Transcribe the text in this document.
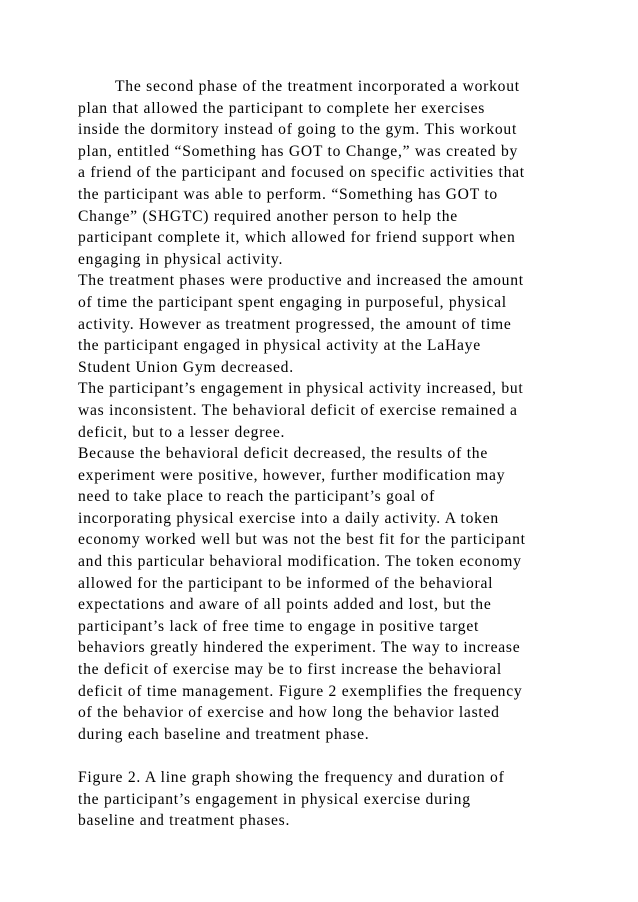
The second phase of the treatment incorporated a workout
plan that allowed the participant to complete her exercises
inside the dormitory instead of going to the gym. This workout
plan, entitled “Something has GOT to Change,” was created by
a friend of the participant and focused on specific activities that
the participant was able to perform. “Something has GOT to
Change” (SHGTC) required another person to help the
participant complete it, which allowed for friend support when
engaging in physical activity.
The treatment phases were productive and increased the amount
of time the participant spent engaging in purposeful, physical
activity. However as treatment progressed, the amount of time
the participant engaged in physical activity at the LaHaye
Student Union Gym decreased.
The participant’s engagement in physical activity increased, but
was inconsistent. The behavioral deficit of exercise remained a
deficit, but to a lesser degree.
Because the behavioral deficit decreased, the results of the
experiment were positive, however, further modification may
need to take place to reach the participant’s goal of
incorporating physical exercise into a daily activity. A token
economy worked well but was not the best fit for the participant
and this particular behavioral modification. The token economy
allowed for the participant to be informed of the behavioral
expectations and aware of all points added and lost, but the
participant’s lack of free time to engage in positive target
behaviors greatly hindered the experiment. The way to increase
the deficit of exercise may be to first increase the behavioral
deficit of time management. Figure 2 exemplifies the frequency
of the behavior of exercise and how long the behavior lasted
during each baseline and treatment phase.
Figure 2. A line graph showing the frequency and duration of
the participant’s engagement in physical exercise during
baseline and treatment phases.
